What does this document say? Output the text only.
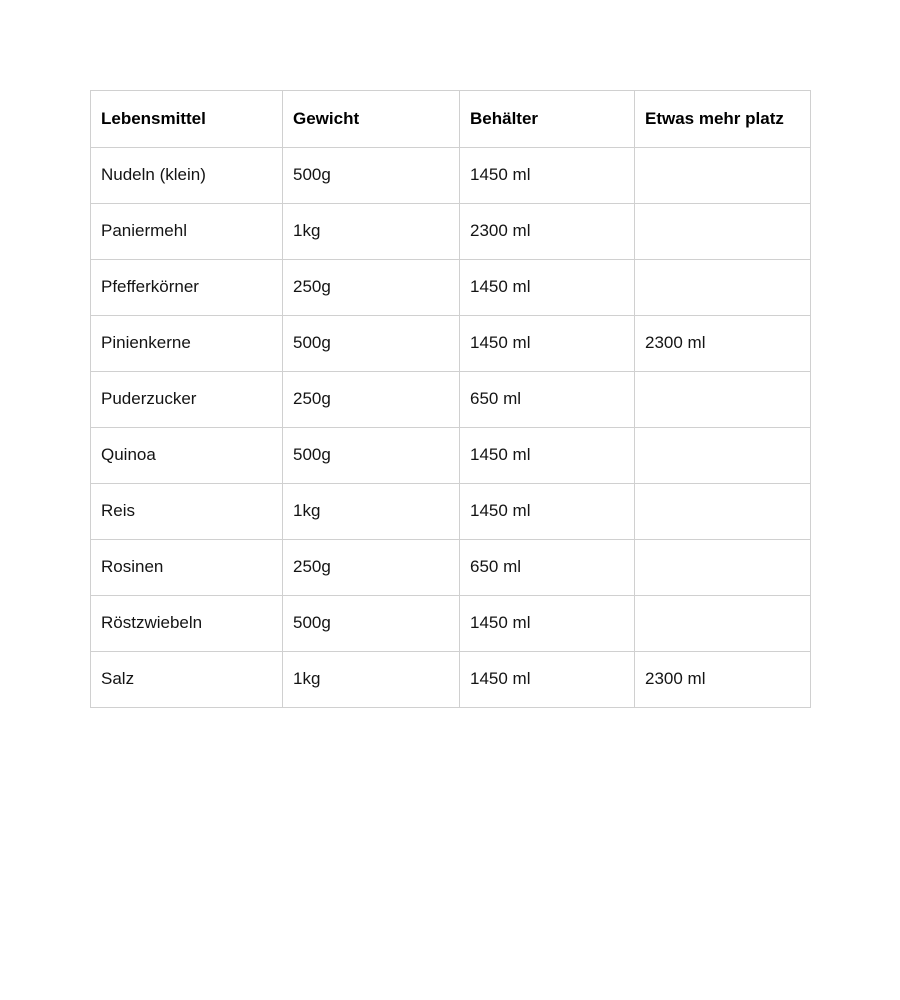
Lebensmittel	Gewicht	Behälter	Etwas mehr platz
Nudeln (klein)	500g	1450 ml	
Paniermehl	1kg	2300 ml	
Pfefferkörner	250g	1450 ml	
Pinienkerne	500g	1450 ml	2300 ml
Puderzucker	250g	650 ml	
Quinoa	500g	1450 ml	
Reis	1kg	1450 ml	
Rosinen	250g	650 ml	
Röstzwiebeln	500g	1450 ml	
Salz	1kg	1450 ml	2300 ml
